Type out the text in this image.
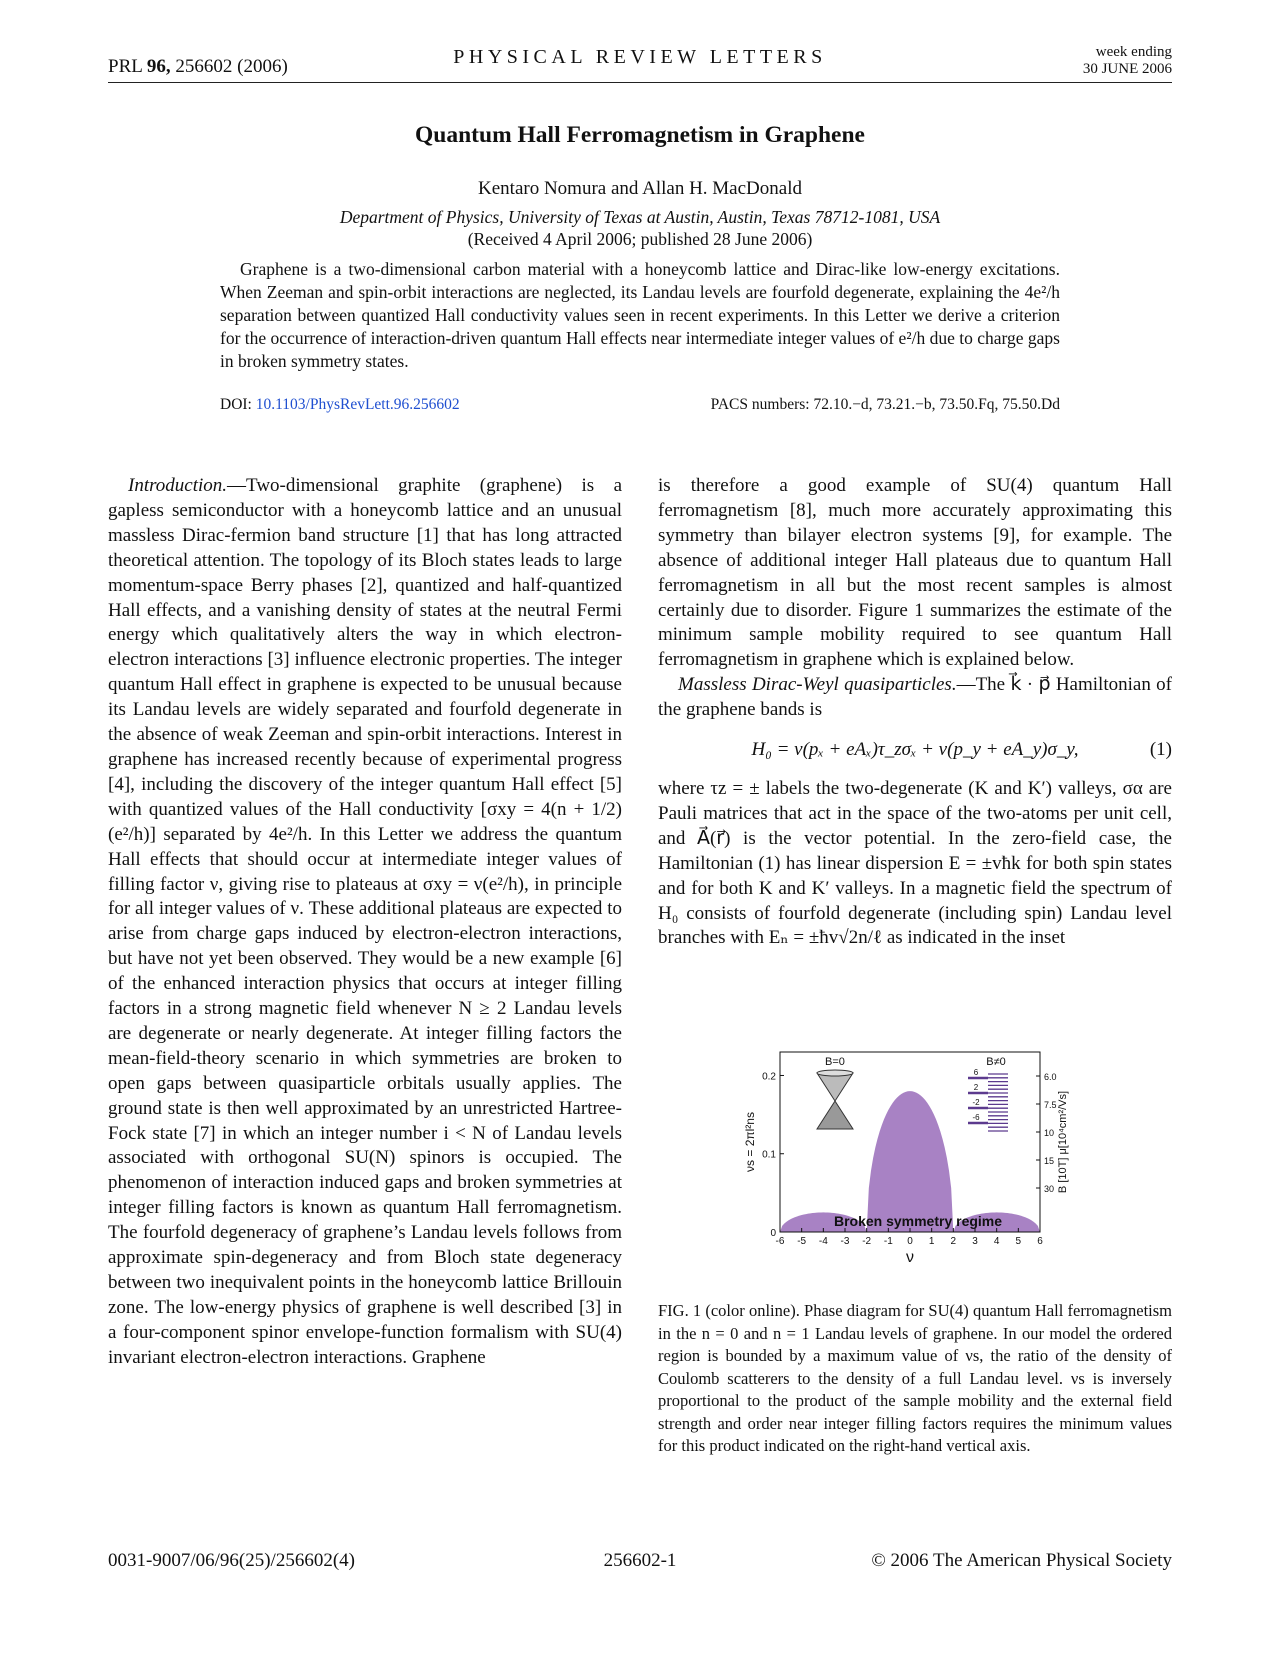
PRL 96, 256602 (2006)	PHYSICAL REVIEW LETTERS	week ending
30 JUNE 2006
Quantum Hall Ferromagnetism in Graphene
Kentaro Nomura and Allan H. MacDonald
Department of Physics, University of Texas at Austin, Austin, Texas 78712-1081, USA
(Received 4 April 2006; published 28 June 2006)
Graphene is a two-dimensional carbon material with a honeycomb lattice and Dirac-like low-energy excitations. When Zeeman and spin-orbit interactions are neglected, its Landau levels are fourfold degenerate, explaining the 4e²/h separation between quantized Hall conductivity values seen in recent experiments. In this Letter we derive a criterion for the occurrence of interaction-driven quantum Hall effects near intermediate integer values of e²/h due to charge gaps in broken symmetry states.
DOI: 10.1103/PhysRevLett.96.256602	PACS numbers: 72.10.−d, 73.21.−b, 73.50.Fq, 75.50.Dd

Introduction.—Two-dimensional graphite (graphene) is a gapless semiconductor with a honeycomb lattice and an unusual massless Dirac-fermion band structure [1] that has long attracted theoretical attention. The topology of its Bloch states leads to large momentum-space Berry phases [2], quantized and half-quantized Hall effects, and a vanishing density of states at the neutral Fermi energy which qualitatively alters the way in which electron-electron interactions [3] influence electronic properties. The integer quantum Hall effect in graphene is expected to be unusual because its Landau levels are widely separated and fourfold degenerate in the absence of weak Zeeman and spin-orbit interactions. Interest in graphene has increased recently because of experimental progress [4], including the discovery of the integer quantum Hall effect [5] with quantized values of the Hall conductivity [σxy = 4(n + 1/2)(e²/h)] separated by 4e²/h. In this Letter we address the quantum Hall effects that should occur at intermediate integer values of filling factor ν, giving rise to plateaus at σxy = ν(e²/h), in principle for all integer values of ν. These additional plateaus are expected to arise from charge gaps induced by electron-electron interactions, but have not yet been observed. They would be a new example [6] of the enhanced interaction physics that occurs at integer filling factors in a strong magnetic field whenever N ≥ 2 Landau levels are degenerate or nearly degenerate. At integer filling factors the mean-field-theory scenario in which symmetries are broken to open gaps between quasiparticle orbitals usually applies. The ground state is then well approximated by an unrestricted Hartree-Fock state [7] in which an integer number i < N of Landau levels associated with orthogonal SU(N) spinors is occupied. The phenomenon of interaction induced gaps and broken symmetries at integer filling factors is known as quantum Hall ferromagnetism. The fourfold degeneracy of graphene’s Landau levels follows from approximate spin-degeneracy and from Bloch state degeneracy between two inequivalent points in the honeycomb lattice Brillouin zone. The low-energy physics of graphene is well described [3] in a four-component spinor envelope-function formalism with SU(4) invariant electron-electron interactions. Graphene

is therefore a good example of SU(4) quantum Hall ferromagnetism [8], much more accurately approximating this symmetry than bilayer electron systems [9], for example. The absence of additional integer Hall plateaus due to quantum Hall ferromagnetism in all but the most recent samples is almost certainly due to disorder. Figure 1 summarizes the estimate of the minimum sample mobility required to see quantum Hall ferromagnetism in graphene which is explained below.

Massless Dirac-Weyl quasiparticles.—The k⃗ · p⃗ Hamiltonian of the graphene bands is

H₀ = v(pₓ + eAₓ)τ_zσₓ + v(p_y + eA_y)σ_y,	(1)

where τz = ± labels the two-degenerate (K and K′) valleys, σα are Pauli matrices that act in the space of the two-atoms per unit cell, and A⃗(r⃗) is the vector potential. In the zero-field case, the Hamiltonian (1) has linear dispersion E = ±vħk for both spin states and for both K and K′ valleys. In a magnetic field the spectrum of H₀ consists of fourfold degenerate (including spin) Landau level branches with Eₙ = ±ħv√2n/ℓ as indicated in the inset

-6 -5 -4 -3 -2 -1 0 1 2 3 4 5 6
ν
0
0.1
0.2
νs = 2πl²ns
6.0
7.5
10
15
30 B [10T] μ[10⁴cm²/Vs]
Broken symmetry regime
B=0	B≠0
6
2
-2
-6
FIG. 1 (color online). Phase diagram for SU(4) quantum Hall ferromagnetism in the n = 0 and n = 1 Landau levels of graphene. In our model the ordered region is bounded by a maximum value of νs, the ratio of the density of Coulomb scatterers to the density of a full Landau level. νs is inversely proportional to the product of the sample mobility and the external field strength and order near integer filling factors requires the minimum values for this product indicated on the right-hand vertical axis.
0031-9007/06/96(25)/256602(4)	256602-1	© 2006 The American Physical Society
